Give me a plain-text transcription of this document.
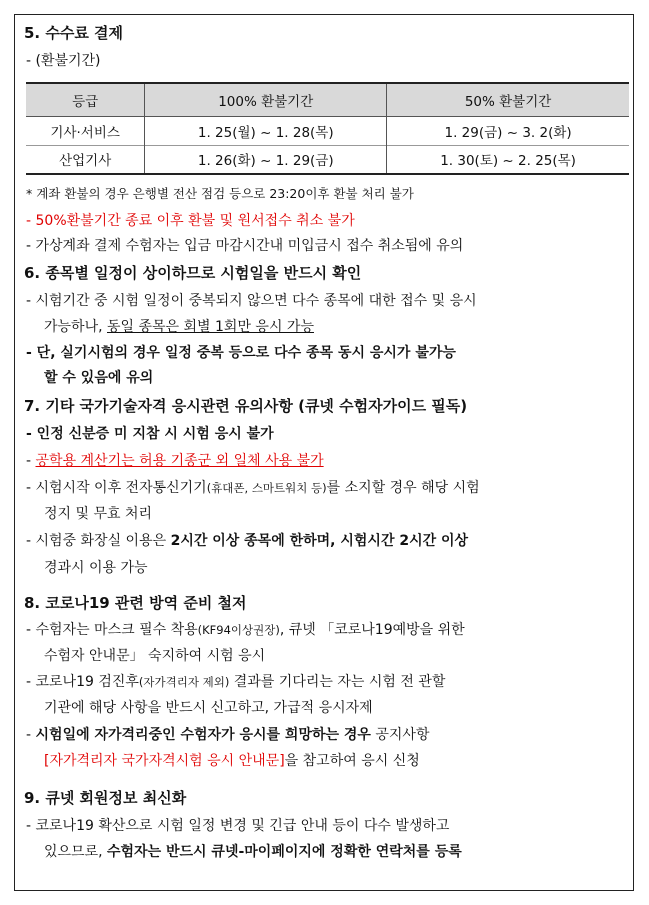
5. 수수료 결제
- (환불기간)
등급	100% 환불기간	50% 환불기간
기사·서비스	1. 25(월) ~ 1. 28(목)	1. 29(금) ~ 3. 2(화)
산업기사	1. 26(화) ~ 1. 29(금)	1. 30(토) ~ 2. 25(목)
* 계좌 환불의 경우 은행별 전산 점검 등으로 23:20이후 환불 처리 불가
- 50%환불기간 종료 이후 환불 및 원서접수 취소 불가
- 가상계좌 결제 수험자는 입금 마감시간내 미입금시 접수 취소됨에 유의
6. 종목별 일정이 상이하므로 시험일을 반드시 확인
- 시험기간 중 시험 일정이 중복되지 않으면 다수 종목에 대한 접수 및 응시
가능하나, 동일 종목은 회별 1회만 응시 가능
- 단, 실기시험의 경우 일정 중복 등으로 다수 종목 동시 응시가 불가능
할 수 있음에 유의
7. 기타 국가기술자격 응시관련 유의사항 (큐넷 수험자가이드 필독)
- 인정 신분증 미 지참 시 시험 응시 불가
- 공학용 계산기는 허용 기종군 외 일체 사용 불가
- 시험시작 이후 전자통신기기(휴대폰, 스마트워치 등)를 소지할 경우 해당 시험
정지 및 무효 처리
- 시험중 화장실 이용은 2시간 이상 종목에 한하며, 시험시간 2시간 이상
경과시 이용 가능
8. 코로나19 관련 방역 준비 철저
- 수험자는 마스크 필수 착용(KF94이상권장), 큐넷 「코로나19예방을 위한
수험자 안내문」 숙지하여 시험 응시
- 코로나19 검진후(자가격리자 제외) 결과를 기다리는 자는 시험 전 관할
기관에 해당 사항을 반드시 신고하고, 가급적 응시자제
- 시험일에 자가격리중인 수험자가 응시를 희망하는 경우 공지사항
[자가격리자 국가자격시험 응시 안내문]을 참고하여 응시 신청
9. 큐넷 회원정보 최신화
- 코로나19 확산으로 시험 일정 변경 및 긴급 안내 등이 다수 발생하고
있으므로, 수험자는 반드시 큐넷-마이페이지에 정확한 연락처를 등록
